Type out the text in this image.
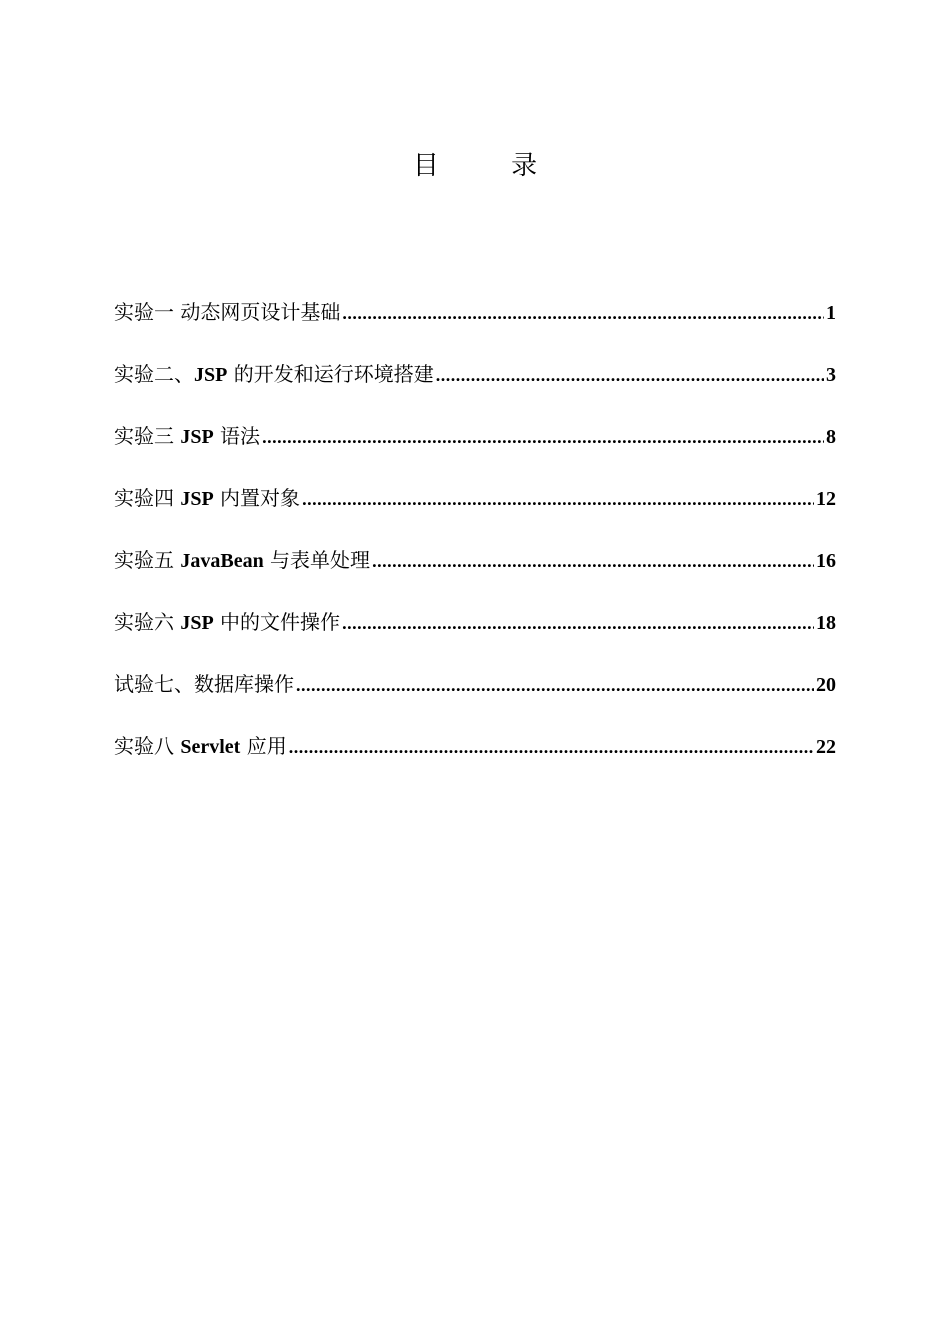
目 录
实验一 动态网页设计基础 .....	1
实验二、JSP 的开发和运行环境搭建 .....	3
实验三 JSP 语法 .....	8
实验四 JSP 内置对象 .....	12
实验五 JavaBean 与表单处理 .....	16
实验六 JSP 中的文件操作 .....	18
试验七、数据库操作 .....	20
实验八 Servlet 应用 .....	22
